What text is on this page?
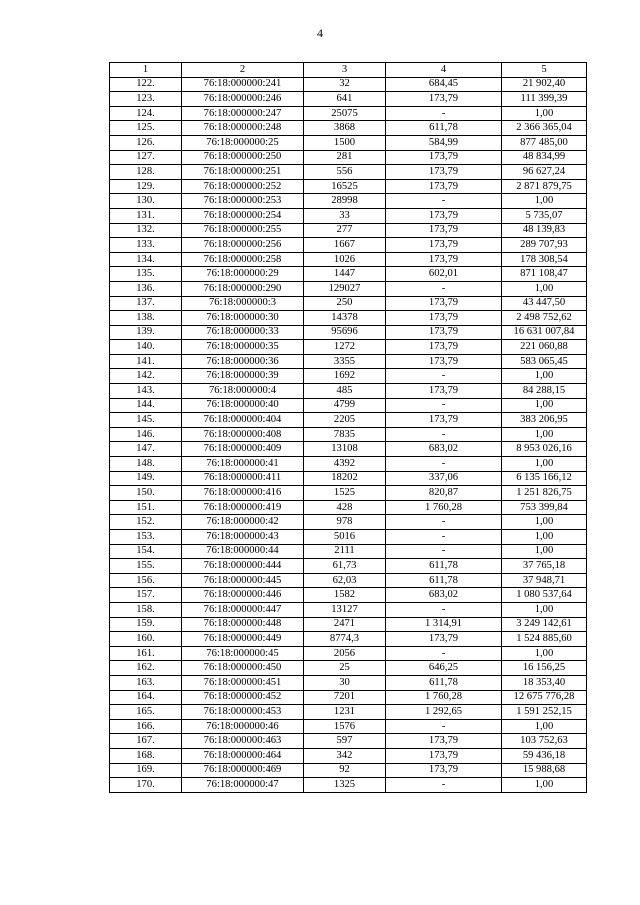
4
1	2	3	4	5
122.	76:18:000000:241	32	684,45	21 902,40
123.	76:18:000000:246	641	173,79	111 399,39
124.	76:18:000000:247	25075	-	1,00
125.	76:18:000000:248	3868	611,78	2 366 365,04
126.	76:18:000000:25	1500	584,99	877 485,00
127.	76:18:000000:250	281	173,79	48 834,99
128.	76:18:000000:251	556	173,79	96 627,24
129.	76:18:000000:252	16525	173,79	2 871 879,75
130.	76:18:000000:253	28998	-	1,00
131.	76:18:000000:254	33	173,79	5 735,07
132.	76:18:000000:255	277	173,79	48 139,83
133.	76:18:000000:256	1667	173,79	289 707,93
134.	76:18:000000:258	1026	173,79	178 308,54
135.	76:18:000000:29	1447	602,01	871 108,47
136.	76:18:000000:290	129027	-	1,00
137.	76:18:000000:3	250	173,79	43 447,50
138.	76:18:000000:30	14378	173,79	2 498 752,62
139.	76:18:000000:33	95696	173,79	16 631 007,84
140.	76:18:000000:35	1272	173,79	221 060,88
141.	76:18:000000:36	3355	173,79	583 065,45
142.	76:18:000000:39	1692	-	1,00
143.	76:18:000000:4	485	173,79	84 288,15
144.	76:18:000000:40	4799	-	1,00
145.	76:18:000000:404	2205	173,79	383 206,95
146.	76:18:000000:408	7835	-	1,00
147.	76:18:000000:409	13108	683,02	8 953 026,16
148.	76:18:000000:41	4392	-	1,00
149.	76:18:000000:411	18202	337,06	6 135 166,12
150.	76:18:000000:416	1525	820,87	1 251 826,75
151.	76:18:000000:419	428	1 760,28	753 399,84
152.	76:18:000000:42	978	-	1,00
153.	76:18:000000:43	5016	-	1,00
154.	76:18:000000:44	2111	-	1,00
155.	76:18:000000:444	61,73	611,78	37 765,18
156.	76:18:000000:445	62,03	611,78	37 948,71
157.	76:18:000000:446	1582	683,02	1 080 537,64
158.	76:18:000000:447	13127	-	1,00
159.	76:18:000000:448	2471	1 314,91	3 249 142,61
160.	76:18:000000:449	8774,3	173,79	1 524 885,60
161.	76:18:000000:45	2056	-	1,00
162.	76:18:000000:450	25	646,25	16 156,25
163.	76:18:000000:451	30	611,78	18 353,40
164.	76:18:000000:452	7201	1 760,28	12 675 776,28
165.	76:18:000000:453	1231	1 292,65	1 591 252,15
166.	76:18:000000:46	1576	-	1,00
167.	76:18:000000:463	597	173,79	103 752,63
168.	76:18:000000:464	342	173,79	59 436,18
169.	76:18:000000:469	92	173,79	15 988,68
170.	76:18:000000:47	1325	-	1,00
